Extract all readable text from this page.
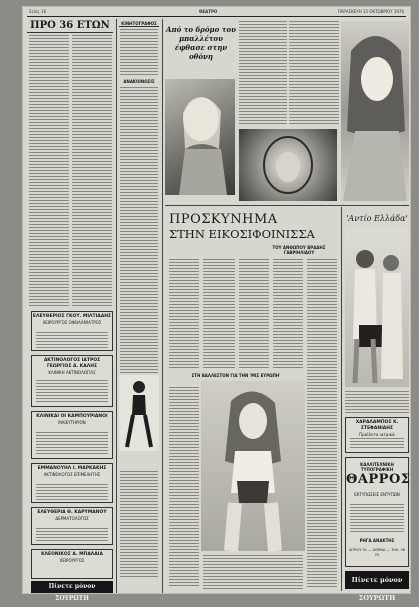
Σελίς 16	ΘΕΑΤΡΟ	ΠΑΡΑΣΚΕΥΗ 15 ΟΚΤΩΒΡΙΟΥ 1976
ΠΡΟ 36 ΕΤΩΝ
ΕΛΕΥΘΕΡΙΟΣ ΓΚΟΥ. ΜΙΛΤΙΑΔΗΣ
ΧΕΙΡΟΥΡΓΟΣ ΟΦΘΑΛΜΙΑΤΡΟΣ
ΑΚΤΙΝΟΛΟΓΟΣ ΙΑΤΡΟΣ ΓΕΩΡΓΙΟΣ Α. ΚΑΛΗΣ
ΚΛΙΝΙΚΗ ΑΚΤΙΝΟΛΟΓΙΑΣ
ΚΛΙΝΙΚΑΙ ΟΙ ΚΑΜΠΟΥΡΙΑΝΟΙ
ΜΑΙΕΥΤΗΡΙΟΝ
ΕΜΜΑΝΟΥΗΛ Ι. ΜΑΡΚΑΚΗΣ
ΑΚΤΙΝΟΛΟΓΟΣ ΕΠΙΜΕΛΗΤΗΣ
ΕΛΕΥΘΕΡΙΑ Θ. ΚΑΡΥΜΑΝΟΥ
ΔΕΡΜΑΤΟΛΟΓΟΣ
ΚΛΕΟΝΙΚΟΣ Α. ΜΠΑΛΑΙΑ
ΧΕΙΡΟΥΡΓΟΣ
Πίνετε μόνον ΣΟΥΡΩΤΗ
ΚΙΝΗΤΟΓΡΑΦΟΣ
ΑΝΑΚΟΙΝΩΣΙΣ
Από το δρόμο του μπαλλέτου έφθασε στην οθόνη
ΠΡΟΣΚΥΝΗΜΑ
ΣΤΗΝ ΕΙΚΟΣΙΦΟΙΝΙΣΣΑ
ΤΟΥ ΑΝΘΩΠΟΥ ΒΡΑΔΗΣ ΓΑΒΡΙΗΛΙΔΟΥ
ΣΤΗ ΒΑΛΛΕΣΤΟΝ ΓΙΑ ΤΗΝ 'ΜΙΣ ΕΥΡΩΠΗ'
'Αντίο Ελλάδα'
ΧΑΡΑΛΑΜΠΟΣ Κ. ΣΤΕΦΑΝΙΔΗΣ
Προϊόντα ιατρικά
ΚΑΛΛΙΤΕΧΝΙΚΗ ΤΥΠΟΓΡΑΦΙΚΗ
ΘΑΡΡΟΣ
ΕΚΤΥΠΩΣΕΙΣ ΕΝΤΥΠΩΝ
ΡΗΓΑ ΑΝΑΚΤΗΣ
ΑΓΡΙΟΥ 31 — ΑΘΗΝΑ — ΤΗΛ. 36 25
Πίνετε μόνον ΣΟΥΡΩΤΗ
